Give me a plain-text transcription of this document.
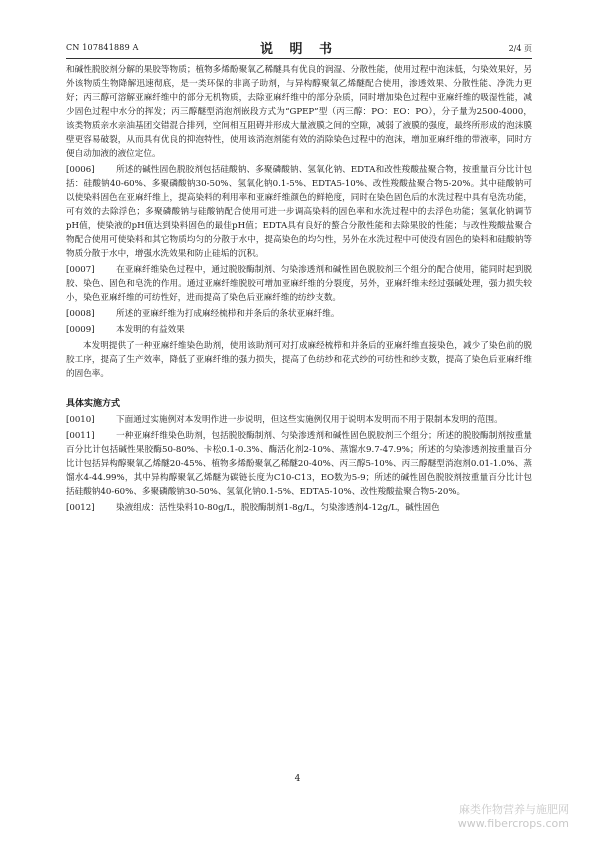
CN 107841889 A	说 明 书	2/4 页

和碱性脱胶剂分解的果胶等物质；植物多烯酚聚氧乙稀醚具有优良的润湿、分散性能，使用过程中泡沫低，匀染效果好，另外该物质生物降解迅速彻底，是一类环保的非离子助剂，与异构醇聚氧乙烯醚配合使用，渗透效果、分散性能、净洗力更好；丙三醇可溶解亚麻纤维中的部分无机物质，去除亚麻纤维中的部分杂质，同时增加染色过程中亚麻纤维的吸湿性能，减少固色过程中水分的挥发；丙三醇醚型消泡剂嵌段方式为“GPEP”型（丙三醇：PO：EO：PO），分子量为2500-4000，该类物质亲水亲油基团交错混合排列，空间相互阻碍并形成大量液膜之间的空隙，减弱了液膜的强度，最终所形成的泡沫膜壁更容易破裂，从而具有优良的抑泡特性，使用该消泡剂能有效的消除染色过程中的泡沫，增加亚麻纤维的带液率，同时方便自动加液的液位定位。

[0006] 所述的碱性固色脱胶剂包括硅酸钠、多聚磷酸钠、氢氧化钠、EDTA和改性羧酸盐聚合物，按重量百分比计包括：硅酸钠40-60%、多聚磷酸钠30-50%、氢氧化钠0.1-5%、EDTA5-10%、改性羧酸盐聚合物5-20%。其中硅酸钠可以使染料固色在亚麻纤维上，提高染料的利用率和亚麻纤维颜色的鲜艳度，同时在染色固色后的水洗过程中具有皂洗功能，可有效的去除浮色；多聚磷酸钠与硅酸钠配合使用可进一步调高染料的固色率和水洗过程中的去浮色功能；氢氧化钠调节pH值，使染液的pH值达到染料固色的最佳pH值；EDTA具有良好的螯合分散性能和去除果胶的性能；与改性羧酸盐聚合物配合使用可使染料和其它物质均匀的分散于水中，提高染色的均匀性，另外在水洗过程中可使没有固色的染料和硅酸钠等物质分散于水中，增强水洗效果和防止硅垢的沉积。

[0007] 在亚麻纤维染色过程中，通过脱胶酶制剂、匀染渗透剂和碱性固色脱胶剂三个组分的配合使用，能同时起到脱胶、染色、固色和皂洗的作用。通过亚麻纤维脱胶可增加亚麻纤维的分裂度，另外，亚麻纤维未经过强碱处理，强力损失较小，染色亚麻纤维的可纺性好，进而提高了染色后亚麻纤维的纺纱支数。

[0008] 所述的亚麻纤维为打成麻经梳栉和并条后的条状亚麻纤维。

[0009] 本发明的有益效果

本发明提供了一种亚麻纤维染色助剂，使用该助剂可对打成麻经梳栉和并条后的亚麻纤维直接染色，减少了染色前的脱胶工序，提高了生产效率，降低了亚麻纤维的强力损失，提高了色纺纱和花式纱的可纺性和纱支数，提高了染色后亚麻纤维的固色率。

具体实施方式

[0010] 下面通过实施例对本发明作进一步说明，但这些实施例仅用于说明本发明而不用于限制本发明的范围。

[0011] 一种亚麻纤维染色助剂，包括脱胶酶制剂、匀染渗透剂和碱性固色脱胶剂三个组分；所述的脱胶酶制剂按重量百分比计包括碱性果胶酶50-80%、卡松0.1-0.3%、酶活化剂2-10%、蒸馏水9.7-47.9%；所述的匀染渗透剂按重量百分比计包括异构醇聚氧乙烯醚20-45%、植物多烯酚聚氧乙稀醚20-40%、丙三醇5-10%、丙三醇醚型消泡剂0.01-1.0%、蒸馏水4-44.99%，其中异构醇聚氧乙烯醚为碳链长度为C10-C13，EO数为5-9；所述的碱性固色脱胶剂按重量百分比计包括硅酸钠40-60%、多聚磷酸钠30-50%、氢氧化钠0.1-5%、EDTA5-10%、改性羧酸盐聚合物5-20%。

[0012] 染液组成：活性染料10-80g/L，脱胶酶制剂1-8g/L，匀染渗透剂4-12g/L，碱性固色

4
麻类作物营养与施肥网
www.fibercrops.com
